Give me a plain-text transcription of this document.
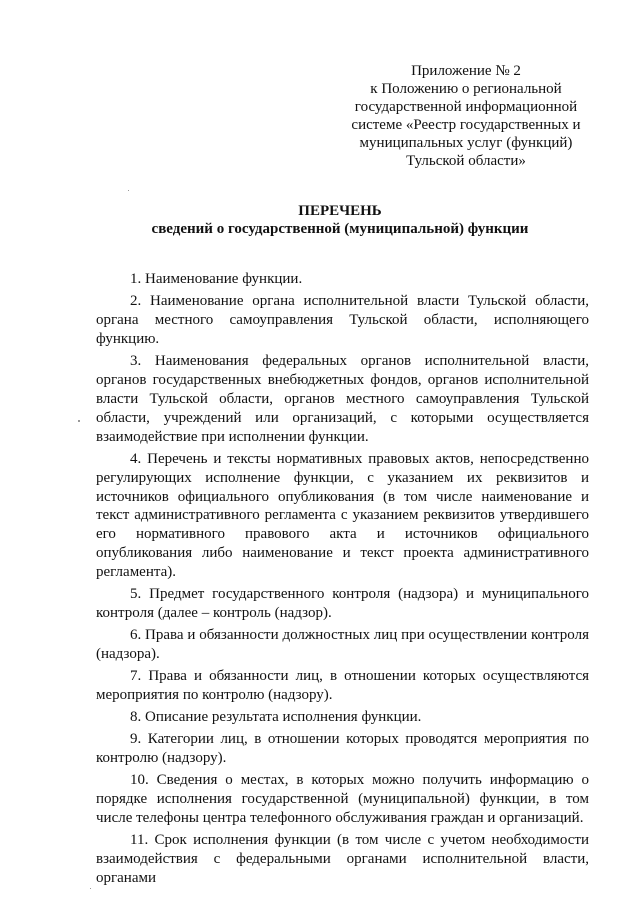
Приложение № 2
к Положению о региональной
государственной информационной
системе «Реестр государственных и
муниципальных услуг (функций)
Тульской области»
ПЕРЕЧЕНЬ
сведений о государственной (муниципальной) функции

1. Наименование функции.

2. Наименование органа исполнительной власти Тульской области, органа местного самоуправления Тульской области, исполняющего функцию.

3. Наименования федеральных органов исполнительной власти, органов государственных внебюджетных фондов, органов исполнительной власти Тульской области, органов местного самоуправления Тульской области, учреждений или организаций, с которыми осуществляется взаимодействие при исполнении функции.

4. Перечень и тексты нормативных правовых актов, непосредственно регулирующих исполнение функции, с указанием их реквизитов и источников официального опубликования (в том числе наименование и текст административного регламента с указанием реквизитов утвердившего его нормативного правового акта и источников официального опубликования либо наименование и текст проекта административного регламента).

5. Предмет государственного контроля (надзора) и муниципального контроля (далее – контроль (надзор).

6. Права и обязанности должностных лиц при осуществлении контроля (надзора).

7. Права и обязанности лиц, в отношении которых осуществляются мероприятия по контролю (надзору).

8. Описание результата исполнения функции.

9. Категории лиц, в отношении которых проводятся мероприятия по контролю (надзору).

10. Сведения о местах, в которых можно получить информацию о порядке исполнения государственной (муниципальной) функции, в том числе телефоны центра телефонного обслуживания граждан и организаций.

11. Срок исполнения функции (в том числе с учетом необходимости взаимодействия с федеральными органами исполнительной власти, органами
